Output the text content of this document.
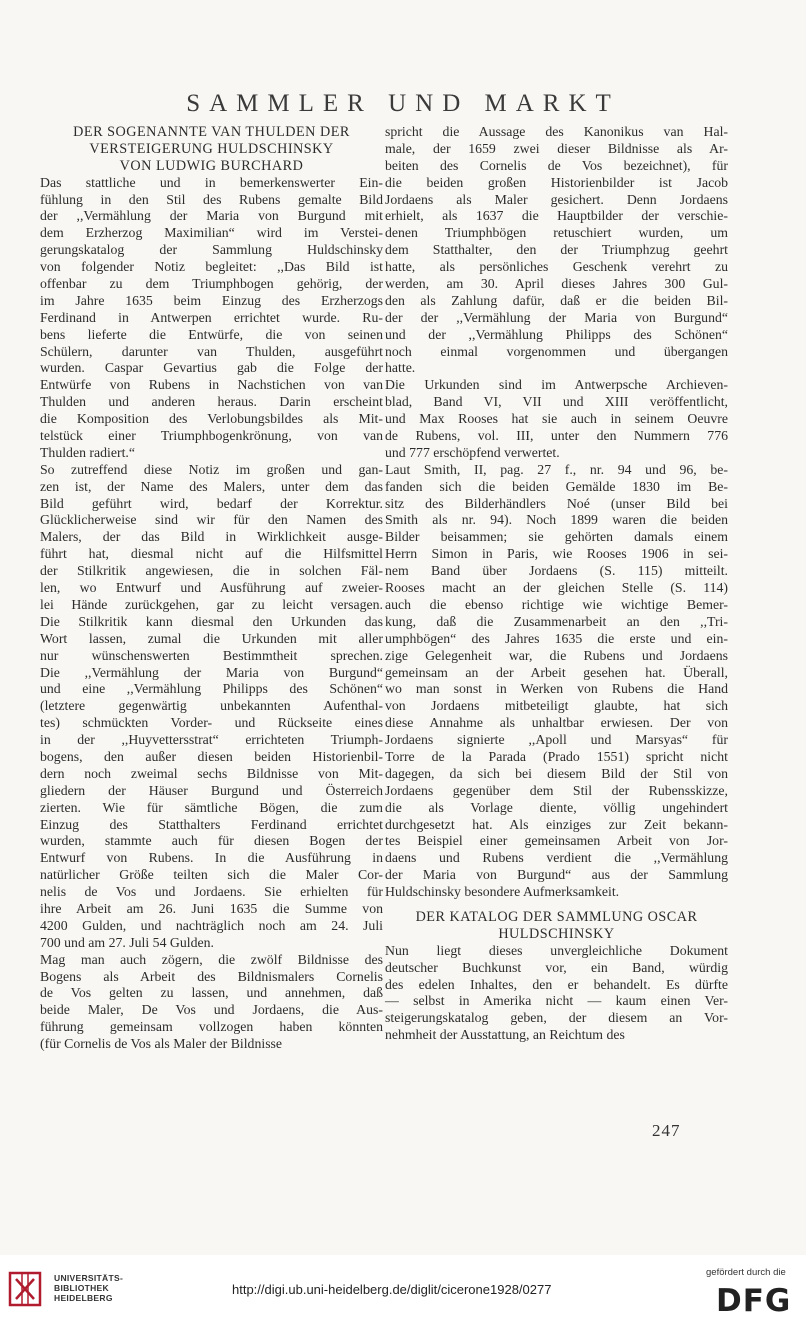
SAMMLER UND MARKT
DER SOGENANNTE VAN THULDEN DER
VERSTEIGERUNG HULDSCHINSKY
VON LUDWIG BURCHARD
Das stattliche und in bemerkenswerter Ein-
fühlung in den Stil des Rubens gemalte Bild
der ,,Vermählung der Maria von Burgund mit
dem Erzherzog Maximilian“ wird im Verstei-
gerungskatalog der Sammlung Huldschinsky
von folgender Notiz begleitet: ,,Das Bild ist
offenbar zu dem Triumphbogen gehörig, der
im Jahre 1635 beim Einzug des Erzherzogs
Ferdinand in Antwerpen errichtet wurde. Ru-
bens lieferte die Entwürfe, die von seinen
Schülern, darunter van Thulden, ausgeführt
wurden. Caspar Gevartius gab die Folge der
Entwürfe von Rubens in Nachstichen von van
Thulden und anderen heraus. Darin erscheint
die Komposition des Verlobungsbildes als Mit-
telstück einer Triumphbogenkrönung, von van
Thulden radiert.“
So zutreffend diese Notiz im großen und gan-
zen ist, der Name des Malers, unter dem das
Bild geführt wird, bedarf der Korrektur.
Glücklicherweise sind wir für den Namen des
Malers, der das Bild in Wirklichkeit ausge-
führt hat, diesmal nicht auf die Hilfsmittel
der Stilkritik angewiesen, die in solchen Fäl-
len, wo Entwurf und Ausführung auf zweier-
lei Hände zurückgehen, gar zu leicht versagen.
Die Stilkritik kann diesmal den Urkunden das
Wort lassen, zumal die Urkunden mit aller
nur wünschenswerten Bestimmtheit sprechen.
Die ,,Vermählung der Maria von Burgund“
und eine ,,Vermählung Philipps des Schönen“
(letztere gegenwärtig unbekannten Aufenthal-
tes) schmückten Vorder- und Rückseite eines
in der ,,Huyvettersstrat“ errichteten Triumph-
bogens, den außer diesen beiden Historienbil-
dern noch zweimal sechs Bildnisse von Mit-
gliedern der Häuser Burgund und Österreich
zierten. Wie für sämtliche Bögen, die zum
Einzug des Statthalters Ferdinand errichtet
wurden, stammte auch für diesen Bogen der
Entwurf von Rubens. In die Ausführung in
natürlicher Größe teilten sich die Maler Cor-
nelis de Vos und Jordaens. Sie erhielten für
ihre Arbeit am 26. Juni 1635 die Summe von
4200 Gulden, und nachträglich noch am 24. Juli
700 und am 27. Juli 54 Gulden.
Mag man auch zögern, die zwölf Bildnisse des
Bogens als Arbeit des Bildnismalers Cornelis
de Vos gelten zu lassen, und annehmen, daß
beide Maler, De Vos und Jordaens, die Aus-
führung gemeinsam vollzogen haben könnten
(für Cornelis de Vos als Maler der Bildnisse
spricht die Aussage des Kanonikus van Hal-
male, der 1659 zwei dieser Bildnisse als Ar-
beiten des Cornelis de Vos bezeichnet), für
die beiden großen Historienbilder ist Jacob
Jordaens als Maler gesichert. Denn Jordaens
erhielt, als 1637 die Hauptbilder der verschie-
denen Triumphbögen retuschiert wurden, um
dem Statthalter, den der Triumphzug geehrt
hatte, als persönliches Geschenk verehrt zu
werden, am 30. April dieses Jahres 300 Gul-
den als Zahlung dafür, daß er die beiden Bil-
der der ,,Vermählung der Maria von Burgund“
und der ,,Vermählung Philipps des Schönen“
noch einmal vorgenommen und übergangen
hatte.
Die Urkunden sind im Antwerpsche Archieven-
blad, Band VI, VII und XIII veröffentlicht,
und Max Rooses hat sie auch in seinem Oeuvre
de Rubens, vol. III, unter den Nummern 776
und 777 erschöpfend verwertet.
Laut Smith, II, pag. 27 f., nr. 94 und 96, be-
fanden sich die beiden Gemälde 1830 im Be-
sitz des Bilderhändlers Noé (unser Bild bei
Smith als nr. 94). Noch 1899 waren die beiden
Bilder beisammen; sie gehörten damals einem
Herrn Simon in Paris, wie Rooses 1906 in sei-
nem Band über Jordaens (S. 115) mitteilt.
Rooses macht an der gleichen Stelle (S. 114)
auch die ebenso richtige wie wichtige Bemer-
kung, daß die Zusammenarbeit an den ,,Tri-
umphbögen“ des Jahres 1635 die erste und ein-
zige Gelegenheit war, die Rubens und Jordaens
gemeinsam an der Arbeit gesehen hat. Überall,
wo man sonst in Werken von Rubens die Hand
von Jordaens mitbeteiligt glaubte, hat sich
diese Annahme als unhaltbar erwiesen. Der von
Jordaens signierte ,,Apoll und Marsyas“ für
Torre de la Parada (Prado 1551) spricht nicht
dagegen, da sich bei diesem Bild der Stil von
Jordaens gegenüber dem Stil der Rubensskizze,
die als Vorlage diente, völlig ungehindert
durchgesetzt hat. Als einziges zur Zeit bekann-
tes Beispiel einer gemeinsamen Arbeit von Jor-
daens und Rubens verdient die ,,Vermählung
der Maria von Burgund“ aus der Sammlung
Huldschinsky besondere Aufmerksamkeit.
DER KATALOG DER SAMMLUNG OSCAR
HULDSCHINSKY
Nun liegt dieses unvergleichliche Dokument
deutscher Buchkunst vor, ein Band, würdig
des edelen Inhaltes, den er behandelt. Es dürfte
— selbst in Amerika nicht — kaum einen Ver-
steigerungskatalog geben, der diesem an Vor-
nehmheit der Ausstattung, an Reichtum des
247
UNIVERSITÄTS-
BIBLIOTHEK
HEIDELBERG
http://digi.ub.uni-heidelberg.de/diglit/cicerone1928/0277
gefördert durch die
DFG
